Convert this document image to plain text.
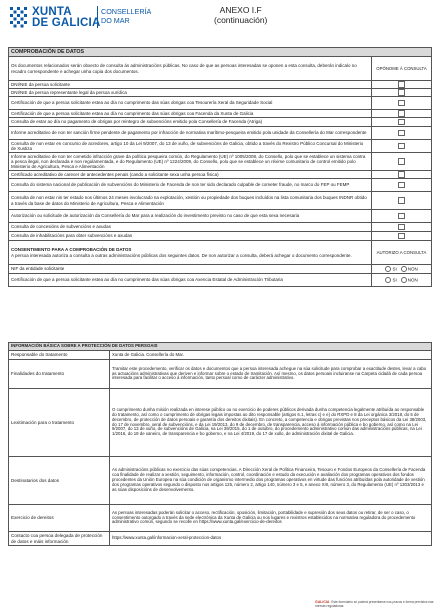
XUNTA
DE GALICIA
CONSELLERÍA
DO MAR
ANEXO I.F
(continuación)
COMPROBACIÓN DE DATOS	
Os documentos relacionados serán obxecto de consulta ás administracións públicas. No caso de que as persoas interesadas se oponen a esta consulta, deberán indicalo no recadro correspondente e achegar unha copia dos documentos.	OPÓNOME Á CONSULTA
DNI/NIE da persoa solicitante	
DNI/NIE da persoa representante legal da persoa xurídica	
Certificación de que a persoa solicitante estea ao día no cumprimento das súas obrigas coa Tesourería Xeral da Seguridade Social	
Certificación de que a persoa solicitante estea ao día no cumprimento das súas obrigas coa Facenda da Xunta de Galicia	
Consulta de estar ao día no pagamento de obrigas por reintegro de subvencións emitido pola Consellería de Facenda (Atriga)	
Informe acreditativo de non ter sanción firme pendente de pagamento por infracción de normativa marítimo-pesqueira emitido pola unidade da Consellería do Mar correspondente	
Consulta de non estar en concurso de acredores, artigo 10 da Lei 9/2007, do 13 de xuño, de subvencións de Galicia, obtido a través do Rexistro Público Concursal do Ministerio de Xustiza	
Informe acreditativo de non ter cometido infracción grave da política pesqueira común, do Regulamento (UE) nº 1005/2008, do Consello, polo que se establece un sistema contra a pesca ilegal, non declarada e non regulamentada, e do Regulamento (UE) nº 1224/2009, do Consello, polo que se establece un réxime comunitario de control emitido polo Ministerio de Agricultura, Pesca e Alimentación	
Certificado acreditativo de carecer de antecedentes penais (cando a solicitante sexa unha persoa física)	
Consulta do sistema nacional de publicación de subvencións do Ministerio de Facenda de non ter sido declarado culpable de cometer fraude, no marco do FEP ou FEMP	
Consulta de non estar nin ter estado nos últimos 24 meses involucrado na explotación, xestión ou propiedade dos buques incluídos na lista comunitaria dos buques INDNR obtido a través da base de datos do Ministerio de Agricultura, Pesca e Alimentación	
Autorización ou solicitude de autorización da Consellería do Mar para a realización do investimento previsto no caso de que esta sexa necesaria	
Consulta de concesións de subvencións e axudas	
Consulta de inhabilitacións para obter subvencións e axudas	

CONSENTIMENTO PARA A COMPROBACIÓN DE DATOS
A persoa interesada autoriza a consulta a outras administracións públicas dos seguintes datos. De non autorizar a consulta, deberá achegar o documento correspondente.	AUTORIZO A CONSULTA
NIF da entidade solicitante	SI NON
Certificación de que a persoa solicitante estea ao día no cumprimento das súas obrigas coa Axencia Estatal de Administración Tributaria	SI NON
INFORMACIÓN BÁSICA SOBRE A PROTECCIÓN DE DATOS PERSOAIS	
Responsable do tratamento	Xunta de Galicia. Consellería do Mar.
Finalidades do tratamento	Tramitar este procedemento, verificar os datos e documentos que a persoa interesada achegue na súa solicitude para comprobar a exactitude destes, levar a cabo as actuacións administrativas que deriven e informar sobre o estado de tramitación. Así mesmo, os datos persoais incluiranse na Carpeta cidadá de cada persoa interesada para facilitar o acceso á información, tanto persoal como de carácter administrativo.
Lexitimación para o tratamento	O cumprimento dunha misión realizada en interese público ou no exercicio de poderes públicos derivada dunha competencia legalmente atribuída ao responsable do tratamento, así como o cumprimento de obrigas legais impostas ao dito responsable (artigos 6.1, letras c) e e) do RXPD e 8 da Lei orgánica 3/2018, do 5 de decembro, de protección de datos persoais e garantía dos dereitos dixitais). En concreto, a competencia e obrigas previstas nos preceptos básicos da Lei 38/2003, do 17 de novembro, xeral de subvencións, e da Lei 19/2013, do 9 de decembro, de transparencia, acceso á información pública e bo goberno, así como na Lei 9/2007, do 13 de xuño, de subvencións de Galicia, na Lei 39/2015, do 1 de outubro, do procedemento administrativo común das administracións públicas, na Lei 1/2016, do 18 de xaneiro, de transparencia e bo goberno, e na Lei 4/2019, do 17 de xullo, de administración dixital de Galicia.
Destinatarios dos datos	As administracións públicas no exercicio das súas competencias. A Dirección Xeral de Política Financeira, Tesouro e Fondos Europeos da Consellería de Facenda coa finalidade de realizar a xestión, seguimento, información, control, coordinación e estudo da execución e avaliación dos programas operativos dos fondos procedentes da Unión Europea na súa condición de organismo intermedio dos programas operativos en virtude das funcións atribuídas pola autoridade de xestión dos programas operativos segundo o disposto nos artigos 125, número 2, artigo 140, número 3 e 5, e anexo XIII, número 3, do Regulamento (UE) nº 1303/2013 e as súas disposicións de desenvolvemento.
Exercicio de dereitos	As persoas interesadas poderán solicitar o acceso, rectificación, oposición, limitación, portabilidade e supresión dos seus datos ou retirar, de ser o caso, o consentimento outorgado a través da sede electrónica da Xunta de Galicia ou nos lugares e rexistros establecidos na normativa reguladora do procedemento administrativo común, segundo se recolle en https://www.xunta.gal/exercicio-de-dereitos
Contacto coa persoa delegada de protección de datos e máis información	https://www.xunta.gal/informacion-xeral-proteccion-datos
GALICIA Este formulario só poderá presentarse nos prazos e forma previstos nas normas reguladoras.
